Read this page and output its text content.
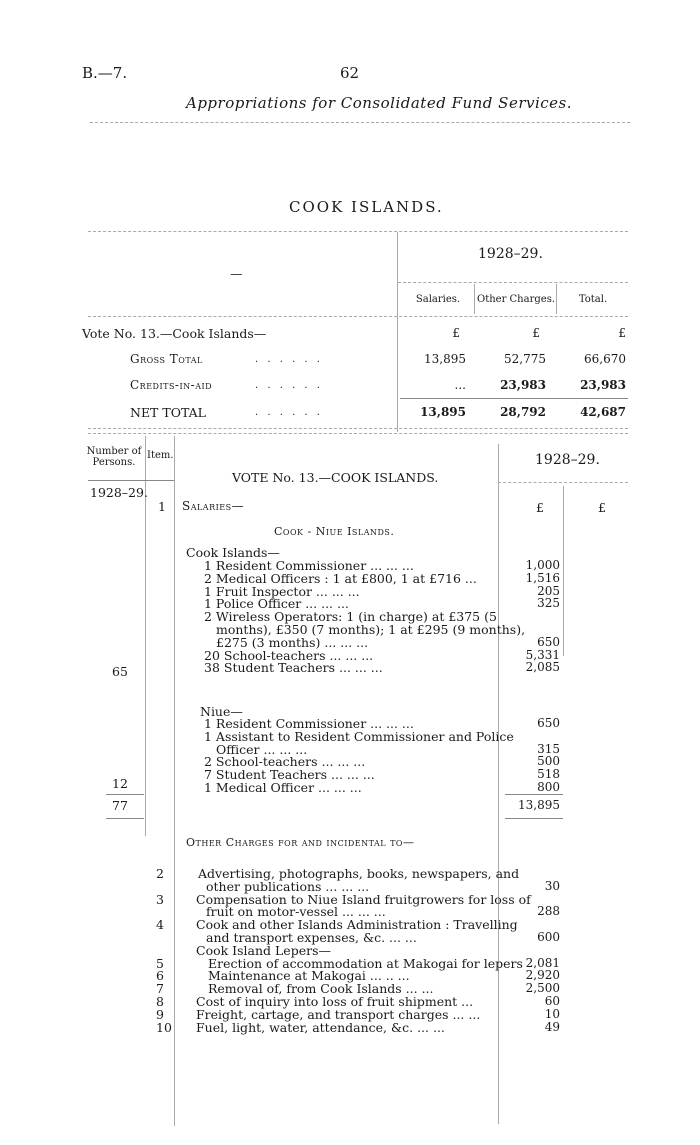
B.—7.	62
Appropriations for Consolidated Fund Services.
COOK ISLANDS.
—
1928–29.
Salaries.	Other Charges.	Total.
Vote No. 13.—Cook Islands—	£	£	£
Gross Total	. . . . . .	13,895	52,775	66,670
Credits-in-aid	. . . . . .	...	23,983	23,983
NET TOTAL	. . . . . .	13,895	28,792	42,687
Number of Persons.
Item.
VOTE No. 13.—COOK ISLANDS.
1928–29.
1928–29.
£	£
1 Salaries—
Cook - Niue Islands.
Cook Islands—
1 Resident Commissioner ... ... ...	1,000
2 Medical Officers : 1 at £800, 1 at £716 ...	1,516
1 Fruit Inspector ... ... ...	205
1 Police Officer ... ... ...	325
2 Wireless Operators: 1 (in charge) at £375 (5
months), £350 (7 months); 1 at £295 (9 months),
£275 (3 months) ... ... ...	650
20 School-teachers ... ... ...	5,331
38 Student Teachers ... ... ...	2,085
65
Niue—
1 Resident Commissioner ... ... ...	650
1 Assistant to Resident Commissioner and Police
Officer ... ... ...	315
2 School-teachers ... ... ...	500
7 Student Teachers ... ... ...	518
1 Medical Officer ... ... ...	800
12
77	13,895
Other Charges for and incidental to—
2	Advertising, photographs, books, newspapers, and
other publications ... ... ...	30
3	Compensation to Niue Island fruitgrowers for loss of
fruit on motor-vessel ... ... ...	288
4	Cook and other Islands Administration : Travelling
and transport expenses, &c. ... ...	600
Cook Island Lepers—
5	Erection of accommodation at Makogai for lepers 2,081
6	Maintenance at Makogai ... .. ...	2,920
7	Removal of, from Cook Islands ... ...	2,500
8	Cost of inquiry into loss of fruit shipment ...	60
9	Freight, cartage, and transport charges ... ...	10
10 Fuel, light, water, attendance, &c. ... ...	49
